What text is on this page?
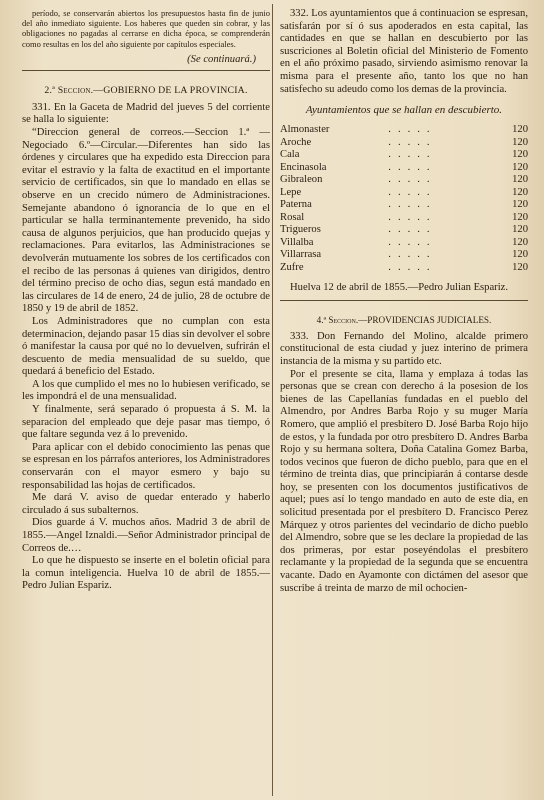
período, se conservarán abiertos los presupuestos hasta fin de junio del año inmediato siguiente. Los haberes que queden sin cobrar, y las obligaciones no pagadas al cerrarse en dicha época, se comprenderán como resultas en los del año siguiente por capítulos especiales.

(Se continuará.)

2.ª Seccion.—GOBIERNO DE LA PROVINCIA.

331. En la Gaceta de Madrid del jueves 5 del corriente se halla lo siguiente:

“Direccion general de correos.—Seccion 1.ª —Negociado 6.º—Circular.—Diferentes han sido las órdenes y circulares que ha expedido esta Direccion para evitar el estravío y la falta de exactitud en el importante servicio de certificados, sin que lo mandado en ellas se observe en un crecido número de Administraciones. Semejante abandono ó ignorancia de lo que en el particular se halla terminantemente prevenido, ha sido causa de algunos perjuicios, que han producido quejas y reclamaciones. Para evitarlos, las Administraciones se devolverán mutuamente los sobres de los certificados con el recibo de las personas á quienes van dirigidos, dentro del término preciso de ocho dias, segun está mandado en las circulares de 14 de enero, 24 de julio, 28 de octubre de 1850 y 19 de abril de 1852.

Los Administradores que no cumplan con esta determinacion, dejando pasar 15 dias sin devolver el sobre ó manifestar la causa por qué no lo devuelven, sufrirán el descuento de media mensualidad de su sueldo, que quedará á beneficio del Estado.

A los que cumplido el mes no lo hubiesen verificado, se les impondrá el de una mensualidad.

Y finalmente, será separado ó propuesta á S. M. la separacion del empleado que deje pasar mas tiempo, ó que faltare segunda vez á lo prevenido.

Para aplicar con el debido conocimiento las penas que se espresan en los párrafos anteriores, los Administradores conservarán con el mayor esmero y bajo su responsabilidad las hojas de certificados.

Me dará V. aviso de quedar enterado y haberlo circulado á sus subalternos.

Dios guarde á V. muchos años. Madrid 3 de abril de 1855.—Angel Iznaldi.—Señor Administrador principal de Correos de.…

Lo que he dispuesto se inserte en el boletin oficial para la comun inteligencia. Huelva 10 de abril de 1855.—Pedro Julian Espariz.

332. Los ayuntamientos que á continuacion se espresan, satisfarán por sí ó sus apoderados en esta capital, las cantidades en que se hallan en descubierto por las suscriciones al Boletin oficial del Ministerio de Fomento en el año próximo pasado, sirviendo asimismo renovar la misma para el presente año, tanto los que no han satisfecho su adeudo como los demas de la provincia.

Ayuntamientos que se hallan en descubierto.
Almonaster	.....	120
Aroche	.....	120
Cala	.....	120
Encinasola	.....	120
Gibraleon	.....	120
Lepe	.....	120
Paterna	.....	120
Rosal	.....	120
Trigueros	.....	120
Villalba	.....	120
Villarrasa	.....	120
Zufre	.....	120

Huelva 12 de abril de 1855.—Pedro Julian Espariz.

4.ª Seccion.—PROVIDENCIAS JUDICIALES.

333. Don Fernando del Molino, alcalde primero constitucional de esta ciudad y juez interino de primera instancia de la misma y su partido etc.

Por el presente se cita, llama y emplaza á todas las personas que se crean con derecho á la posesion de los bienes de las Capellanías fundadas en el pueblo del Almendro, por Andres Barba Rojo y su muger María Romero, que amplió el presbítero D. José Barba Rojo hijo de estos, y la fundada por otro presbítero D. Andres Barba Rojo y su hermana soltera, Doña Catalina Gomez Barba, todos vecinos que fueron de dicho pueblo, para que en el término de treinta dias, que principiarán á contarse desde hoy, se presenten con los documentos justificativos de aquel; pues así lo tengo mandado en auto de este dia, en solicitud presentada por el presbítero D. Francisco Perez Márquez y otros parientes del vecindario de dicho pueblo del Almendro, sobre que se les declare la propiedad de las dos primeras, por estar poseyéndolas el presbítero reclamante y la propiedad de la segunda que se encuentra vacante. Dado en Ayamonte con dictámen del asesor que suscribe á treinta de marzo de mil ochocien-
